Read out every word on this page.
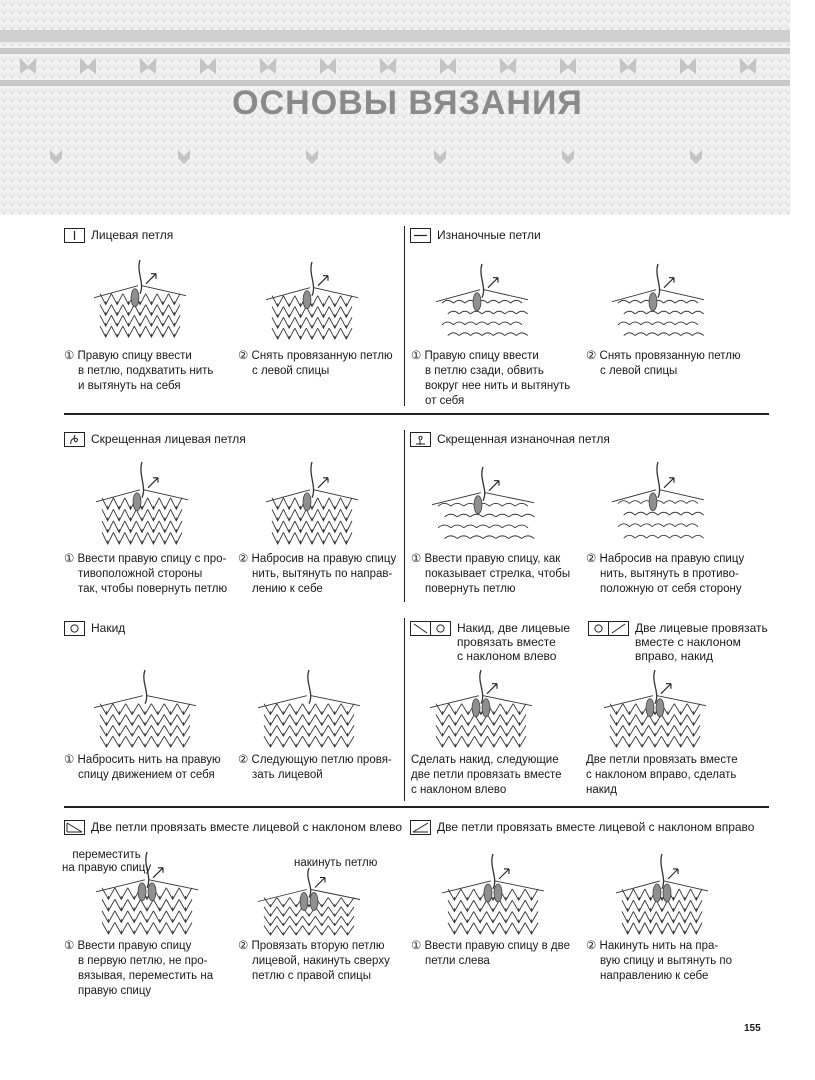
ОСНОВЫ ВЯЗАНИЯ
Лицевая петля	Изнаночные петли
① Правую спицу ввести
в петлю, подхватить нить
и вытянуть на себя
② Снять провязанную петлю
с левой спицы
① Правую спицу ввести
в петлю сзади, обвить
вокруг нее нить и вытянуть
от себя
② Снять провязанную петлю
с левой спицы
Скрещенная лицевая петля	Скрещенная изнаночная петля
① Ввести правую спицу с про-
тивоположной стороны
так, чтобы повернуть петлю
② Набросив на правую спицу
нить, вытянуть по направ-
лению к себе
① Ввести правую спицу, как
показывает стрелка, чтобы
повернуть петлю
② Набросив на правую спицу
нить, вытянуть в противо-
положную от себя сторону
Накид	Накид, две лицевые
провязать вместе
с наклоном влево
Две лицевые провязать
вместе с наклоном
вправо, накид
① Набросить нить на правую
спицу движением от себя
② Следующую петлю провя-
зать лицевой
Сделать накид, следующие
две петли провязать вместе
с наклоном влево
Две петли провязать вместе
с наклоном вправо, сделать
накид
Две петли провязать вместе лицевой с наклоном влево	Две петли провязать вместе лицевой с наклоном вправо
переместить
на правую спицу	накинуть петлю
① Ввести правую спицу
в первую петлю, не про-
вязывая, переместить на
правую спицу
② Провязать вторую петлю
лицевой, накинуть сверху
петлю с правой спицы
① Ввести правую спицу в две
петли слева
② Накинуть нить на пра-
вую спицу и вытянуть по
направлению к себе
155
